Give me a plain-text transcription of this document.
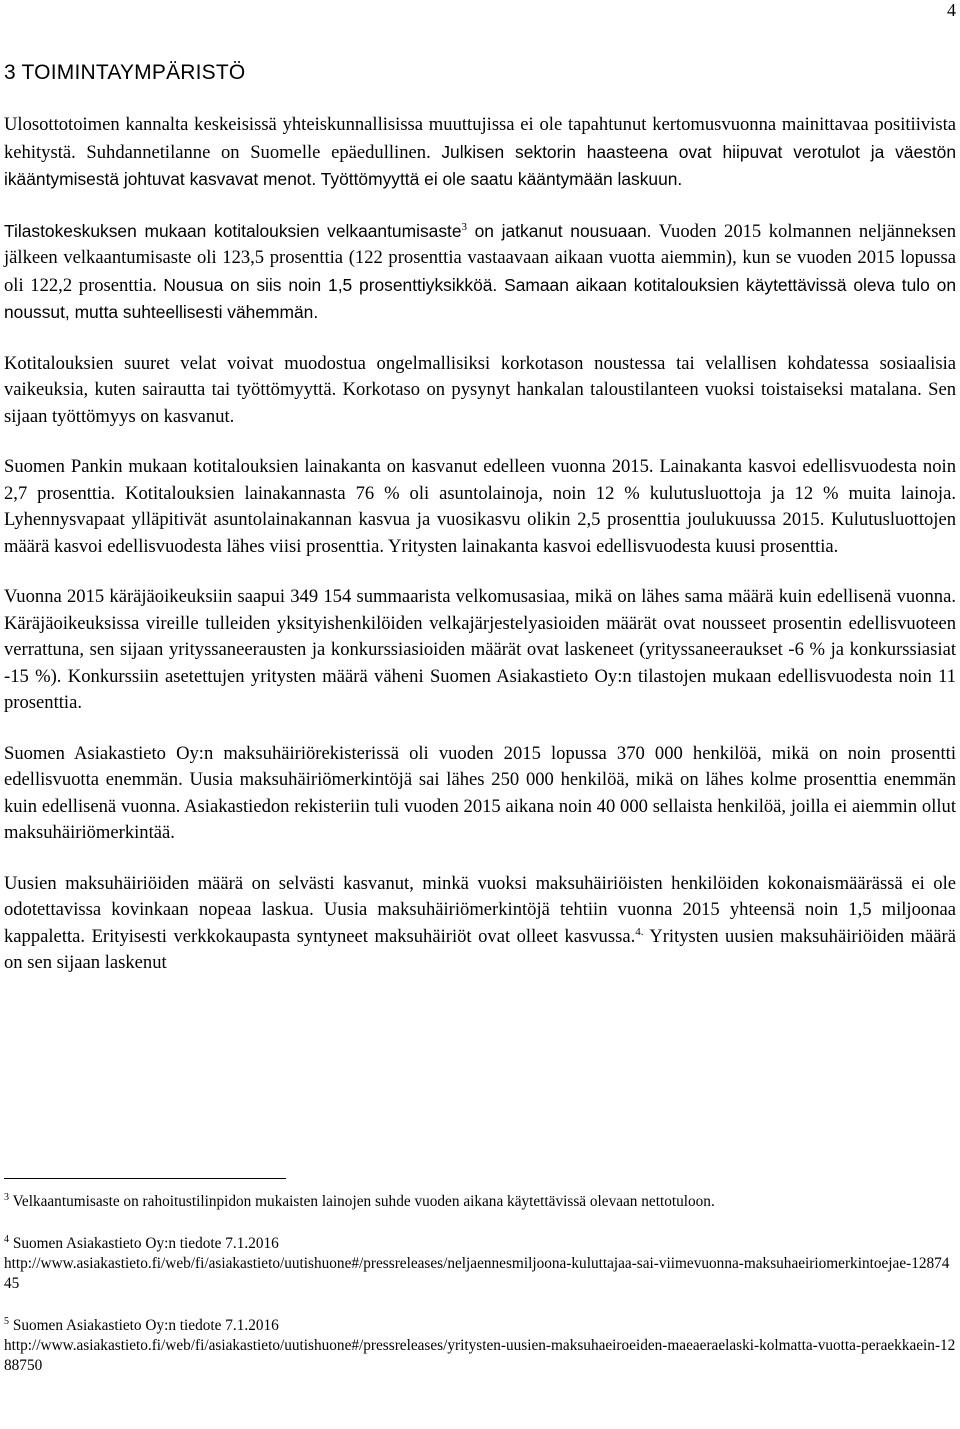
4
3 TOIMINTAYMPÄRISTÖ

Ulosottotoimen kannalta keskeisissä yhteiskunnallisissa muuttujissa ei ole tapahtunut kertomusvuonna mainittavaa positiivista kehitystä. Suhdannetilanne on Suomelle epäedullinen. Julkisen sektorin haasteena ovat hiipuvat verotulot ja väestön ikääntymisestä johtuvat kasvavat menot. Työttömyyttä ei ole saatu kääntymään laskuun.

Tilastokeskuksen mukaan kotitalouksien velkaantumisaste$^3$ on jatkanut nousuaan. Vuoden 2015 kolmannen neljänneksen jälkeen velkaantumisaste oli 123,5 prosenttia (122 prosenttia vastaavaan aikaan vuotta aiemmin), kun se vuoden 2015 lopussa oli 122,2 prosenttia. Nousua on siis noin 1,5 prosenttiyksikköä. Samaan aikaan kotitalouksien käytettävissä oleva tulo on noussut, mutta suhteellisesti vähemmän.

Kotitalouksien suuret velat voivat muodostua ongelmallisiksi korkotason noustessa tai velallisen kohdatessa sosiaalisia vaikeuksia, kuten sairautta tai työttömyyttä. Korkotaso on pysynyt hankalan taloustilanteen vuoksi toistaiseksi matalana. Sen sijaan työttömyys on kasvanut.

Suomen Pankin mukaan kotitalouksien lainakanta on kasvanut edelleen vuonna 2015. Lainakanta kasvoi edellisvuodesta noin 2,7 prosenttia. Kotitalouksien lainakannasta 76 % oli asuntolainoja, noin 12 % kulutusluottoja ja 12 % muita lainoja. Lyhennysvapaat ylläpitivät asuntolainakannan kasvua ja vuosikasvu olikin 2,5 prosenttia joulukuussa 2015. Kulutusluottojen määrä kasvoi edellisvuodesta lähes viisi prosenttia. Yritysten lainakanta kasvoi edellisvuodesta kuusi prosenttia.

Vuonna 2015 käräjäoikeuksiin saapui 349 154 summaarista velkomusasiaa, mikä on lähes sama määrä kuin edellisenä vuonna. Käräjäoikeuksissa vireille tulleiden yksityishenkilöiden velkajärjestelyasioiden määrät ovat nousseet prosentin edellisvuoteen verrattuna, sen sijaan yrityssaneerausten ja konkurssiasioiden määrät ovat laskeneet (yrityssaneeraukset -6 % ja konkurssiasiat -15 %). Konkurssiin asetettujen yritysten määrä väheni Suomen Asiakastieto Oy:n tilastojen mukaan edellisvuodesta noin 11 prosenttia.

Suomen Asiakastieto Oy:n maksuhäiriörekisterissä oli vuoden 2015 lopussa 370 000 henkilöä, mikä on noin prosentti edellisvuotta enemmän. Uusia maksuhäiriömerkintöjä sai lähes 250 000 henkilöä, mikä on lähes kolme prosenttia enemmän kuin edellisenä vuonna. Asiakastiedon rekisteriin tuli vuoden 2015 aikana noin 40 000 sellaista henkilöä, joilla ei aiemmin ollut maksuhäiriömerkintää.

Uusien maksuhäiriöiden määrä on selvästi kasvanut, minkä vuoksi maksuhäiriöisten henkilöiden kokonaismäärässä ei ole odotettavissa kovinkaan nopeaa laskua. Uusia maksuhäiriömerkintöjä tehtiin vuonna 2015 yhteensä noin 1,5 miljoonaa kappaletta. Erityisesti verkkokaupasta syntyneet maksuhäiriöt ovat olleet kasvussa.$^{4.}$ Yritysten uusien maksuhäiriöiden määrä on sen sijaan laskenut

$^3$ Velkaantumisaste on rahoitustilinpidon mukaisten lainojen suhde vuoden aikana käytettävissä olevaan nettotuloon.
$^4$ Suomen Asiakastieto Oy:n tiedote 7.1.2016
http://www.asiakastieto.fi/web/fi/asiakastieto/uutishuone#/pressreleases/neljaennesmiljoona-kuluttajaa-sai-viimevuonna-maksuhaeiriomerkintoejae-1287445
$^5$ Suomen Asiakastieto Oy:n tiedote 7.1.2016
http://www.asiakastieto.fi/web/fi/asiakastieto/uutishuone#/pressreleases/yritysten-uusien-maksuhaeiroeiden-maeaeraelaski-kolmatta-vuotta-peraekkaein-1288750
